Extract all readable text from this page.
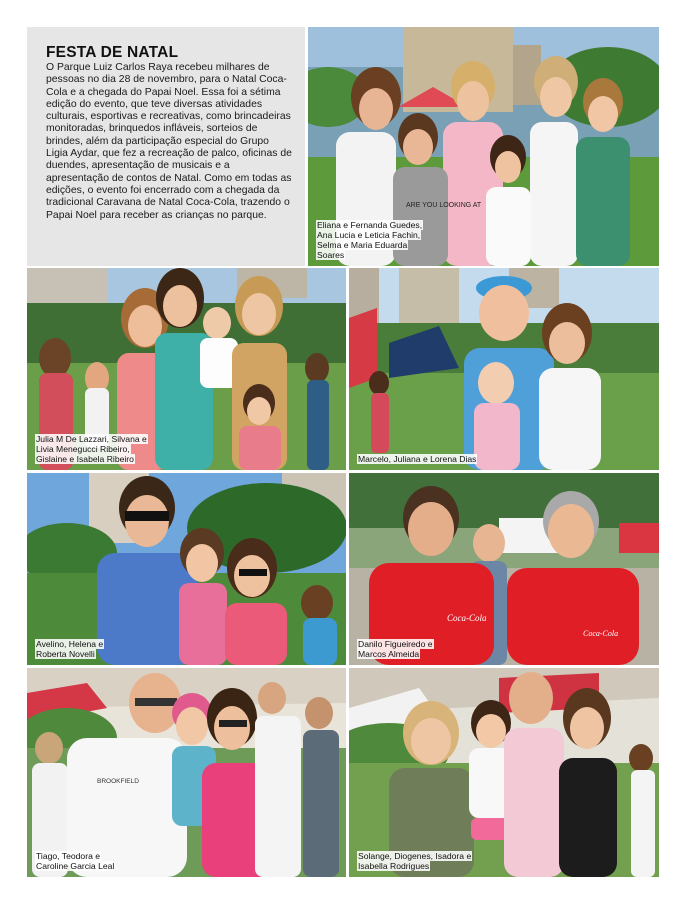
FESTA DE NATAL

O Parque Luiz Carlos Raya recebeu milhares de pessoas no dia 28 de novembro, para o Natal Coca-Cola e a chegada do Papai Noel. Essa foi a sétima edição do evento, que teve diversas atividades culturais, esportivas e recreativas, como brincadeiras monitoradas, brinquedos infláveis, sorteios de brindes, além da participação especial do Grupo Ligia Aydar, que fez a recreação de palco, oficinas de duendes, apresentação de musicais e a apresentação de contos de Natal. Como em todas as edições, o evento foi encerrado com a chegada da tradicional Caravana de Natal Coca-Cola, trazendo o Papai Noel para receber as crianças no parque.

ARE YOU LOOKING AT
Eliana e Fernanda Guedes, Ana Lucia e Leticia Fachin, Selma e Maria Eduarda Soares
Julia M De Lazzari, Silvana e Livia Menegucci Ribeiro, Gislaine e Isabela Ribeiro	Marcelo, Juliana e Lorena Dias
Avelino, Helena e Roberta Novelli
Coca-Cola
Coca-Cola
Danilo Figueiredo e Marcos Almeida
BROOKFIELD
Tiago, Teodora e Caroline Garcia Leal
Solange, Diogenes, Isadora e Isabella Rodrigues
